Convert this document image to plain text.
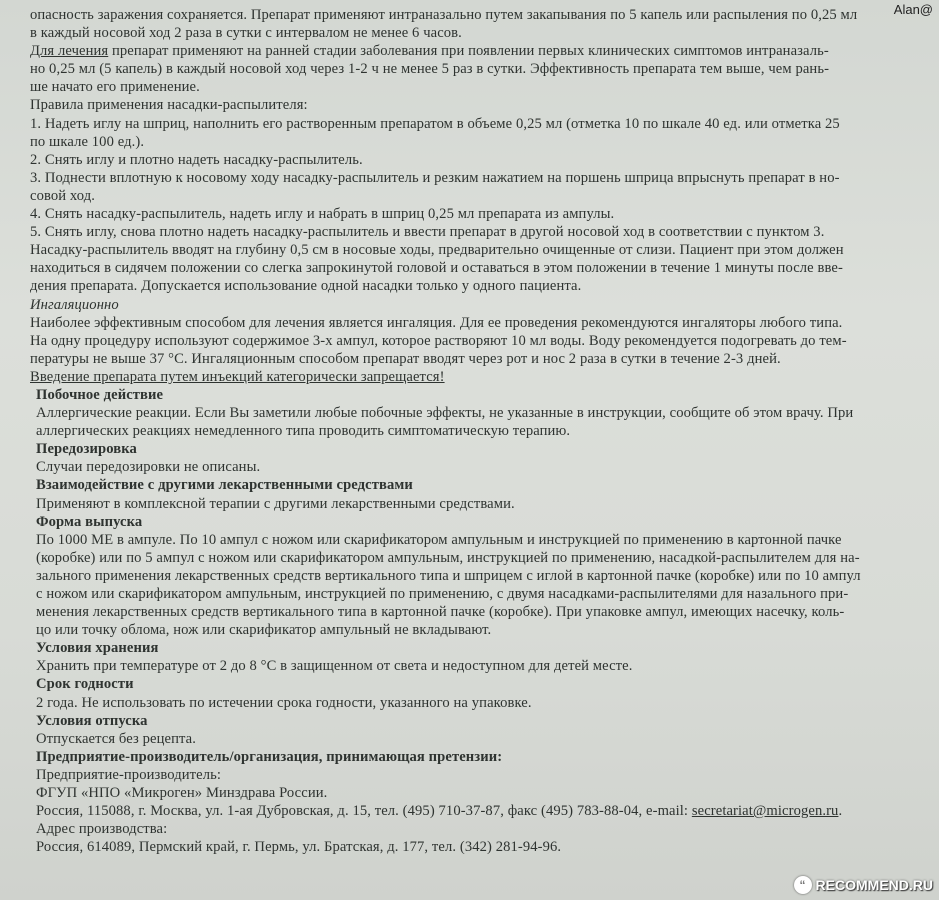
опасность заражения сохраняется. Препарат применяют интраназально путем закапывания по 5 капель или распыления по 0,25 мл
в каждый носовой ход 2 раза в сутки с интервалом не менее 6 часов.
Для лечения препарат применяют на ранней стадии заболевания при появлении первых клинических симптомов интраназаль-
но 0,25 мл (5 капель) в каждый носовой ход через 1-2 ч не менее 5 раз в сутки. Эффективность препарата тем выше, чем рань-
ше начато его применение.
Правила применения насадки-распылителя:
1. Надеть иглу на шприц, наполнить его растворенным препаратом в объеме 0,25 мл (отметка 10 по шкале 40 ед. или отметка 25
по шкале 100 ед.).
2. Снять иглу и плотно надеть насадку-распылитель.
3. Поднести вплотную к носовому ходу насадку-распылитель и резким нажатием на поршень шприца впрыснуть препарат в но-
совой ход.
4. Снять насадку-распылитель, надеть иглу и набрать в шприц 0,25 мл препарата из ампулы.
5. Снять иглу, снова плотно надеть насадку-распылитель и ввести препарат в другой носовой ход в соответствии с пунктом 3.
Насадку-распылитель вводят на глубину 0,5 см в носовые ходы, предварительно очищенные от слизи. Пациент при этом должен
находиться в сидячем положении со слегка запрокинутой головой и оставаться в этом положении в течение 1 минуты после вве-
дения препарата. Допускается использование одной насадки только у одного пациента.
Ингаляционно
Наиболее эффективным способом для лечения является ингаляция. Для ее проведения рекомендуются ингаляторы любого типа.
На одну процедуру используют содержимое 3-х ампул, которое растворяют 10 мл воды. Воду рекомендуется подогревать до тем-
пературы не выше 37 °С. Ингаляционным способом препарат вводят через рот и нос 2 раза в сутки в течение 2-3 дней.
Введение препарата путем инъекций категорически запрещается!
Побочное действие
Аллергические реакции. Если Вы заметили любые побочные эффекты, не указанные в инструкции, сообщите об этом врачу. При
аллергических реакциях немедленного типа проводить симптоматическую терапию.
Передозировка
Случаи передозировки не описаны.
Взаимодействие с другими лекарственными средствами
Применяют в комплексной терапии с другими лекарственными средствами.
Форма выпуска
По 1000 МЕ в ампуле. По 10 ампул с ножом или скарификатором ампульным и инструкцией по применению в картонной пачке
(коробке) или по 5 ампул с ножом или скарификатором ампульным, инструкцией по применению, насадкой-распылителем для на-
зального применения лекарственных средств вертикального типа и шприцем с иглой в картонной пачке (коробке) или по 10 ампул
с ножом или скарификатором ампульным, инструкцией по применению, с двумя насадками-распылителями для назального при-
менения лекарственных средств вертикального типа в картонной пачке (коробке). При упаковке ампул, имеющих насечку, коль-
цо или точку облома, нож или скарификатор ампульный не вкладывают.
Условия хранения
Хранить при температуре от 2 до 8 °С в защищенном от света и недоступном для детей месте.
Срок годности
2 года. Не использовать по истечении срока годности, указанного на упаковке.
Условия отпуска
Отпускается без рецепта.
Предприятие-производитель/организация, принимающая претензии:
Предприятие-производитель:
ФГУП «НПО «Микроген» Минздрава России.
Россия, 115088, г. Москва, ул. 1-ая Дубровская, д. 15, тел. (495) 710-37-87, факс (495) 783-88-04, e-mail: secretariat@microgen.ru.
Адрес производства:
Россия, 614089, Пермский край, г. Пермь, ул. Братская, д. 177, тел. (342) 281-94-96.
Alan@
“ RECOMMEND.RU
